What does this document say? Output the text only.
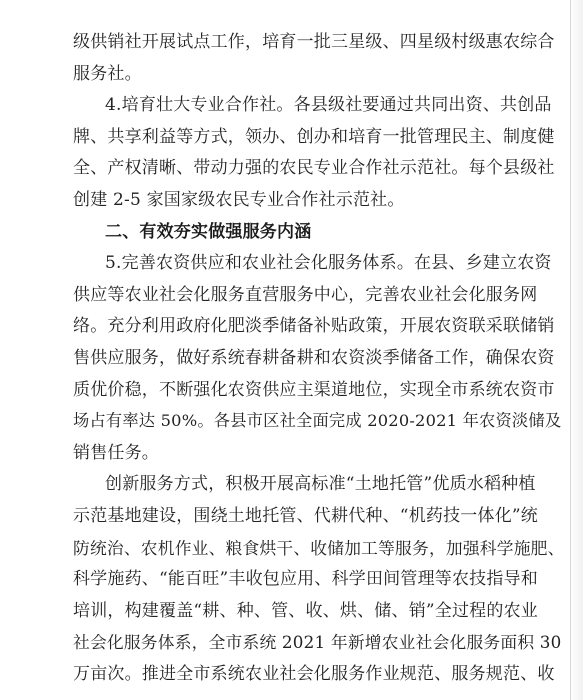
级供销社开展试点工作，培育一批三星级、四星级村级惠农综合
服务社。
4.培育壮大专业合作社。各县级社要通过共同出资、共创品
牌、共享利益等方式，领办、创办和培育一批管理民主、制度健
全、产权清晰、带动力强的农民专业合作社示范社。每个县级社
创建 2-5 家国家级农民专业合作社示范社。
二、有效夯实做强服务内涵
5.完善农资供应和农业社会化服务体系。在县、乡建立农资
供应等农业社会化服务直营服务中心，完善农业社会化服务网
络。充分利用政府化肥淡季储备补贴政策，开展农资联采联储销
售供应服务，做好系统春耕备耕和农资淡季储备工作，确保农资
质优价稳，不断强化农资供应主渠道地位，实现全市系统农资市
场占有率达 50%。各县市区社全面完成 2020-2021 年农资淡储及
销售任务。
创新服务方式，积极开展高标准“土地托管”优质水稻种植
示范基地建设，围绕土地托管、代耕代种、“机药技一体化”统
防统治、农机作业、粮食烘干、收储加工等服务，加强科学施肥、
科学施药、“能百旺”丰收包应用、科学田间管理等农技指导和
培训，构建覆盖“耕、种、管、收、烘、储、销”全过程的农业
社会化服务体系，全市系统 2021 年新增农业社会化服务面积 30
万亩次。推进全市系统农业社会化服务作业规范、服务规范、收
